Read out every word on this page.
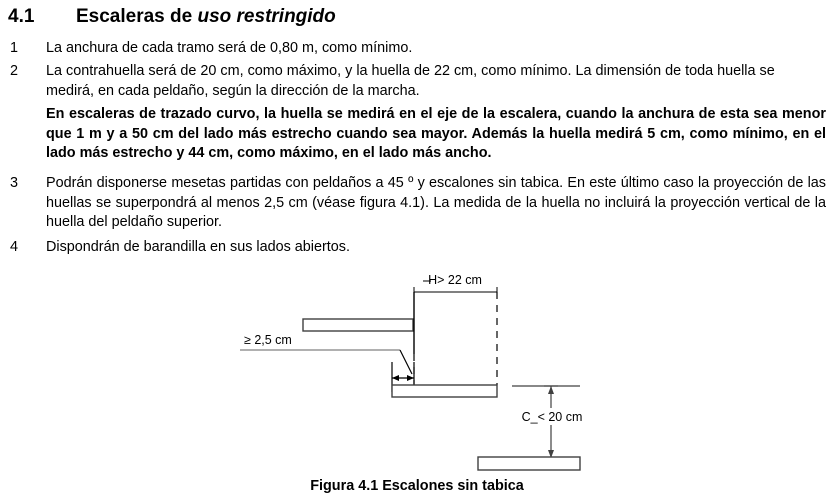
4.1 Escaleras de uso restringido
1	La anchura de cada tramo será de 0,80 m, como mínimo.
2	La contrahuella será de 20 cm, como máximo, y la huella de 22 cm, como mínimo. La dimensión de toda huella se medirá, en cada peldaño, según la dirección de la marcha.
En escaleras de trazado curvo, la huella se medirá en el eje de la escalera, cuando la anchura de esta sea menor que 1 m y a 50 cm del lado más estrecho cuando sea mayor. Además la huella medirá 5 cm, como mínimo, en el lado más estrecho y 44 cm, como máximo, en el lado más ancho.
3	Podrán disponerse mesetas partidas con peldaños a 45 º y escalones sin tabica. En este último caso la proyección de las huellas se superpondrá al menos 2,5 cm (véase figura 4.1). La medida de la huella no incluirá la proyección vertical de la huella del peldaño superior.
4	Dispondrán de barandilla en sus lados abiertos.
H> 22 cm
≥ 2,5 cm
C_< 20 cm
Figura 4.1 Escalones sin tabica
